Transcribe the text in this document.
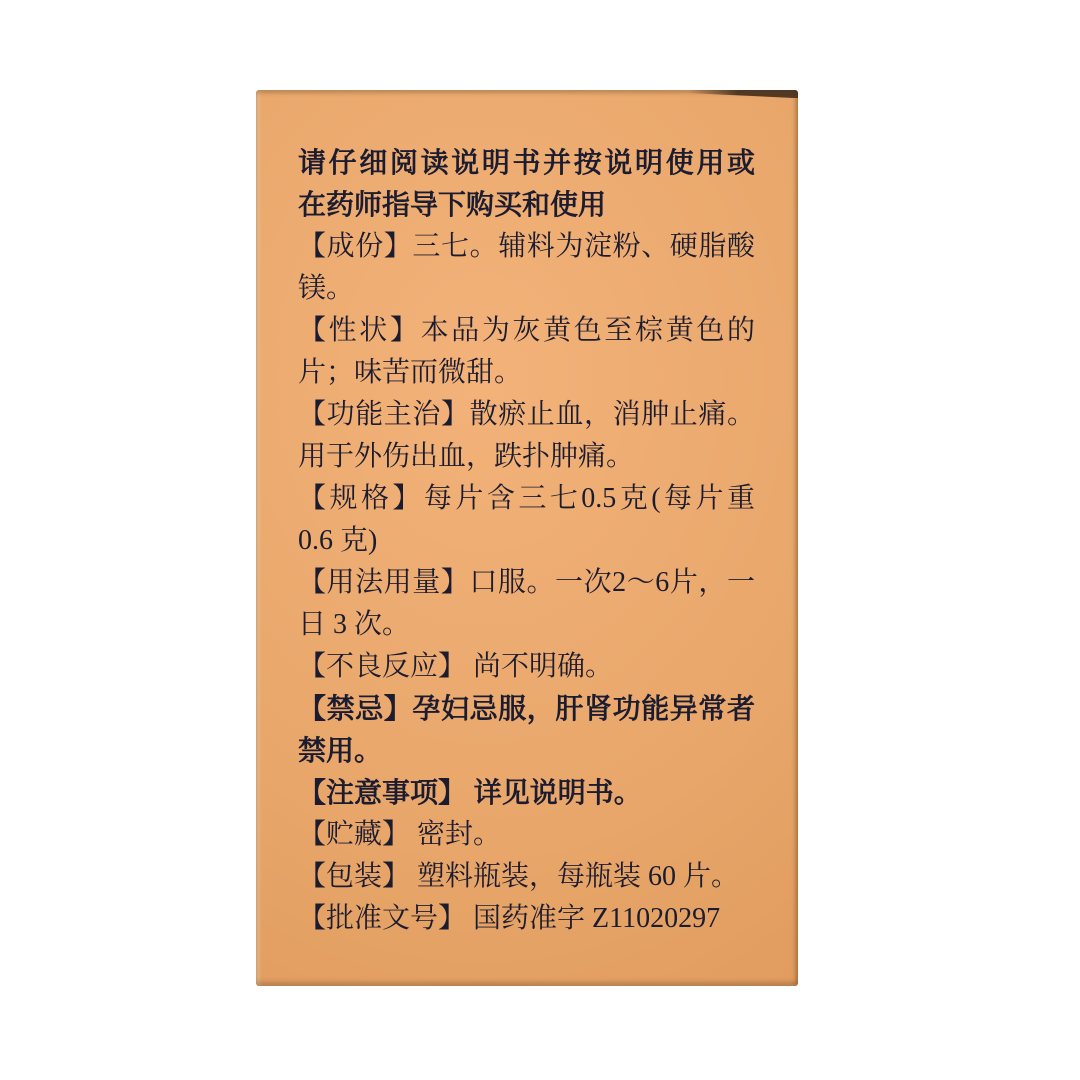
请仔细阅读说明书并按说明使用或
在药师指导下购买和使用
【成份】三七。辅料为淀粉、硬脂酸
镁。
【性状】本品为灰黄色至棕黄色的
片；味苦而微甜。
【功能主治】散瘀止血，消肿止痛。
用于外伤出血，跌扑肿痛。
【规格】每片含三七0.5克(每片重
0.6 克)
【用法用量】口服。一次2～6片，一
日 3 次。
【不良反应】 尚不明确。
【禁忌】孕妇忌服，肝肾功能异常者
禁用。
【注意事项】 详见说明书。
【贮藏】 密封。
【包装】 塑料瓶装，每瓶装 60 片。
【批准文号】 国药准字 Z11020297
